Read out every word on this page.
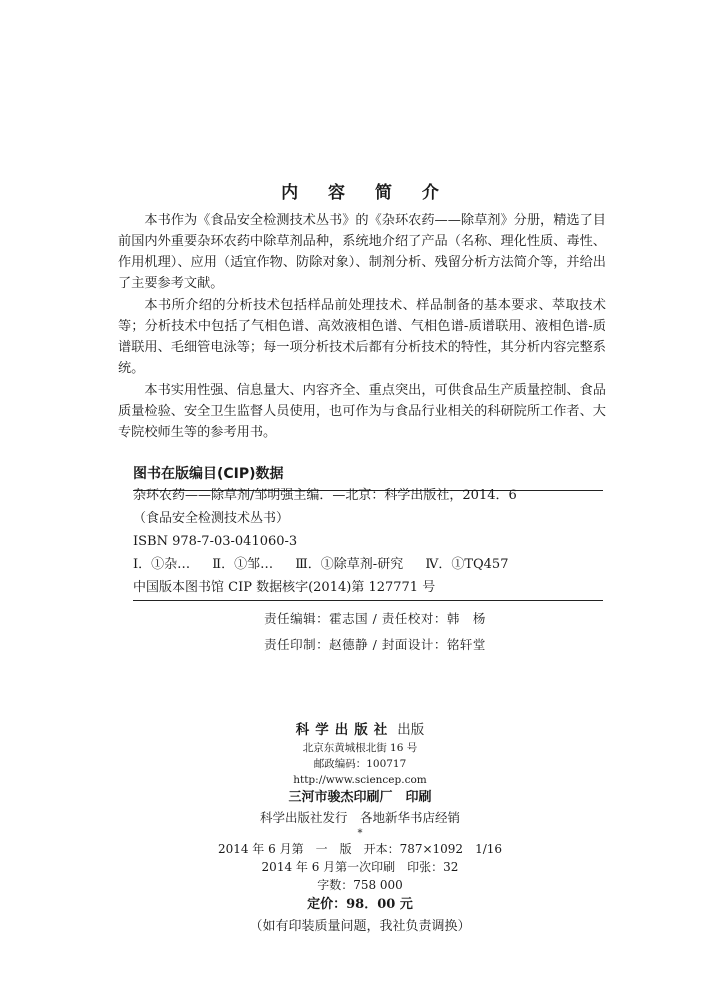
内 容 简 介

本书作为《食品安全检测技术丛书》的《杂环农药——除草剂》分册，精选了目前国内外重要杂环农药中除草剂品种，系统地介绍了产品（名称、理化性质、毒性、作用机理）、应用（适宜作物、防除对象）、制剂分析、残留分析方法简介等，并给出了主要参考文献。

本书所介绍的分析技术包括样品前处理技术、样品制备的基本要求、萃取技术等；分析技术中包括了气相色谱、高效液相色谱、气相色谱-质谱联用、液相色谱-质谱联用、毛细管电泳等；每一项分析技术后都有分析技术的特性，其分析内容完整系统。

本书实用性强、信息量大、内容齐全、重点突出，可供食品生产质量控制、食品质量检验、安全卫生监督人员使用，也可作为与食品行业相关的科研院所工作者、大专院校师生等的参考用书。

图书在版编目(CIP)数据
杂环农药——除草剂/邹明强主编．—北京：科学出版社，2014．6
（食品安全检测技术丛书）
ISBN 978-7-03-041060-3
Ⅰ．①杂… Ⅱ．①邹… Ⅲ．①除草剂-研究 Ⅳ．①TQ457
中国版本图书馆 CIP 数据核字(2014)第 127771 号
责任编辑：霍志国 / 责任校对：韩　杨
责任印制：赵德静 / 封面设计：铭轩堂
科学出版社 出版
北京东黄城根北街 16 号
邮政编码：100717
http://www.sciencep.com
三河市骏杰印刷厂　印刷
科学出版社发行　各地新华书店经销
*
2014 年 6 月第　一　版　开本：787×1092　1/16
2014 年 6 月第一次印刷　印张：32
字数：758 000
定价：98．00 元
（如有印装质量问题，我社负责调换）
